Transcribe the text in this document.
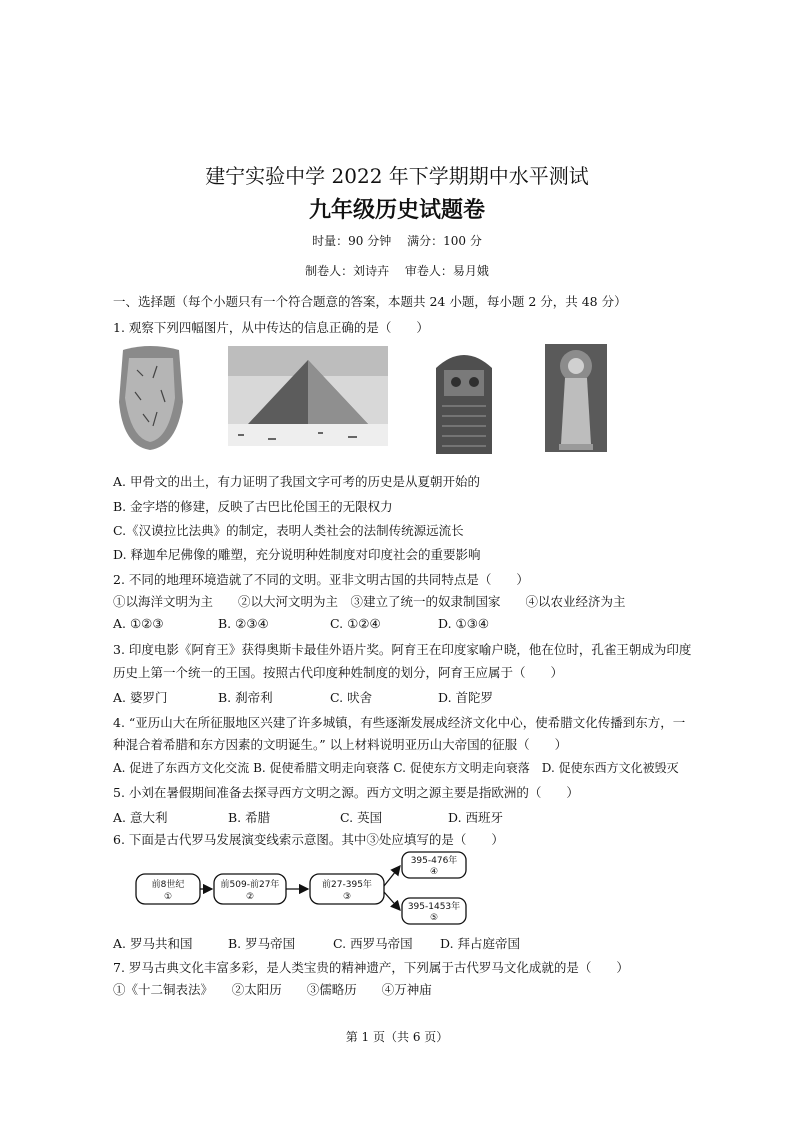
建宁实验中学 2022 年下学期期中水平测试
九年级历史试题卷
时量：90 分钟 满分：100 分
制卷人：刘诗卉 审卷人：易月娥
一、选择题（每个小题只有一个符合题意的答案，本题共 24 小题，每小题 2 分，共 48 分）
1. 观察下列四幅图片，从中传达的信息正确的是（　　）
A. 甲骨文的出土，有力证明了我国文字可考的历史是从夏朝开始的
B. 金字塔的修建，反映了古巴比伦国王的无限权力
C.《汉谟拉比法典》的制定，表明人类社会的法制传统源远流长
D. 释迦牟尼佛像的雕塑，充分说明种姓制度对印度社会的重要影响
2. 不同的地理环境造就了不同的文明。亚非文明古国的共同特点是（　　）
①以海洋文明为主　　②以大河文明为主　③建立了统一的奴隶制国家　　④以农业经济为主
A. ①②③	B. ②③④	C. ①②④	D. ①③④
3. 印度电影《阿育王》获得奥斯卡最佳外语片奖。阿育王在印度家喻户晓，他在位时，孔雀王朝成为印度
历史上第一个统一的王国。按照古代印度种姓制度的划分，阿育王应属于（　　）
A. 婆罗门	B. 刹帝利	C. 吠舍	D. 首陀罗
4. “亚历山大在所征服地区兴建了许多城镇，有些逐渐发展成经济文化中心，使希腊文化传播到东方，一
种混合着希腊和东方因素的文明诞生。” 以上材料说明亚历山大帝国的征服（　　）
A. 促进了东西方文化交流 B. 促使希腊文明走向衰落 C. 促使东方文明走向衰落　D. 促使东西方文化被毁灭
5. 小刘在暑假期间准备去探寻西方文明之源。西方文明之源主要是指欧洲的（　　）
A. 意大利	B. 希腊	C. 英国	D. 西班牙
6. 下面是古代罗马发展演变线索示意图。其中③处应填写的是（　　）
前8世纪
①
前509-前27年
②
前27-395年
③
395-476年
④
395-1453年
⑤
A. 罗马共和国	B. 罗马帝国	C. 西罗马帝国 D. 拜占庭帝国
7. 罗马古典文化丰富多彩，是人类宝贵的精神遗产，下列属于古代罗马文化成就的是（　　）
①《十二铜表法》　　②太阳历　　③儒略历　　④万神庙
第 1 页（共 6 页）
